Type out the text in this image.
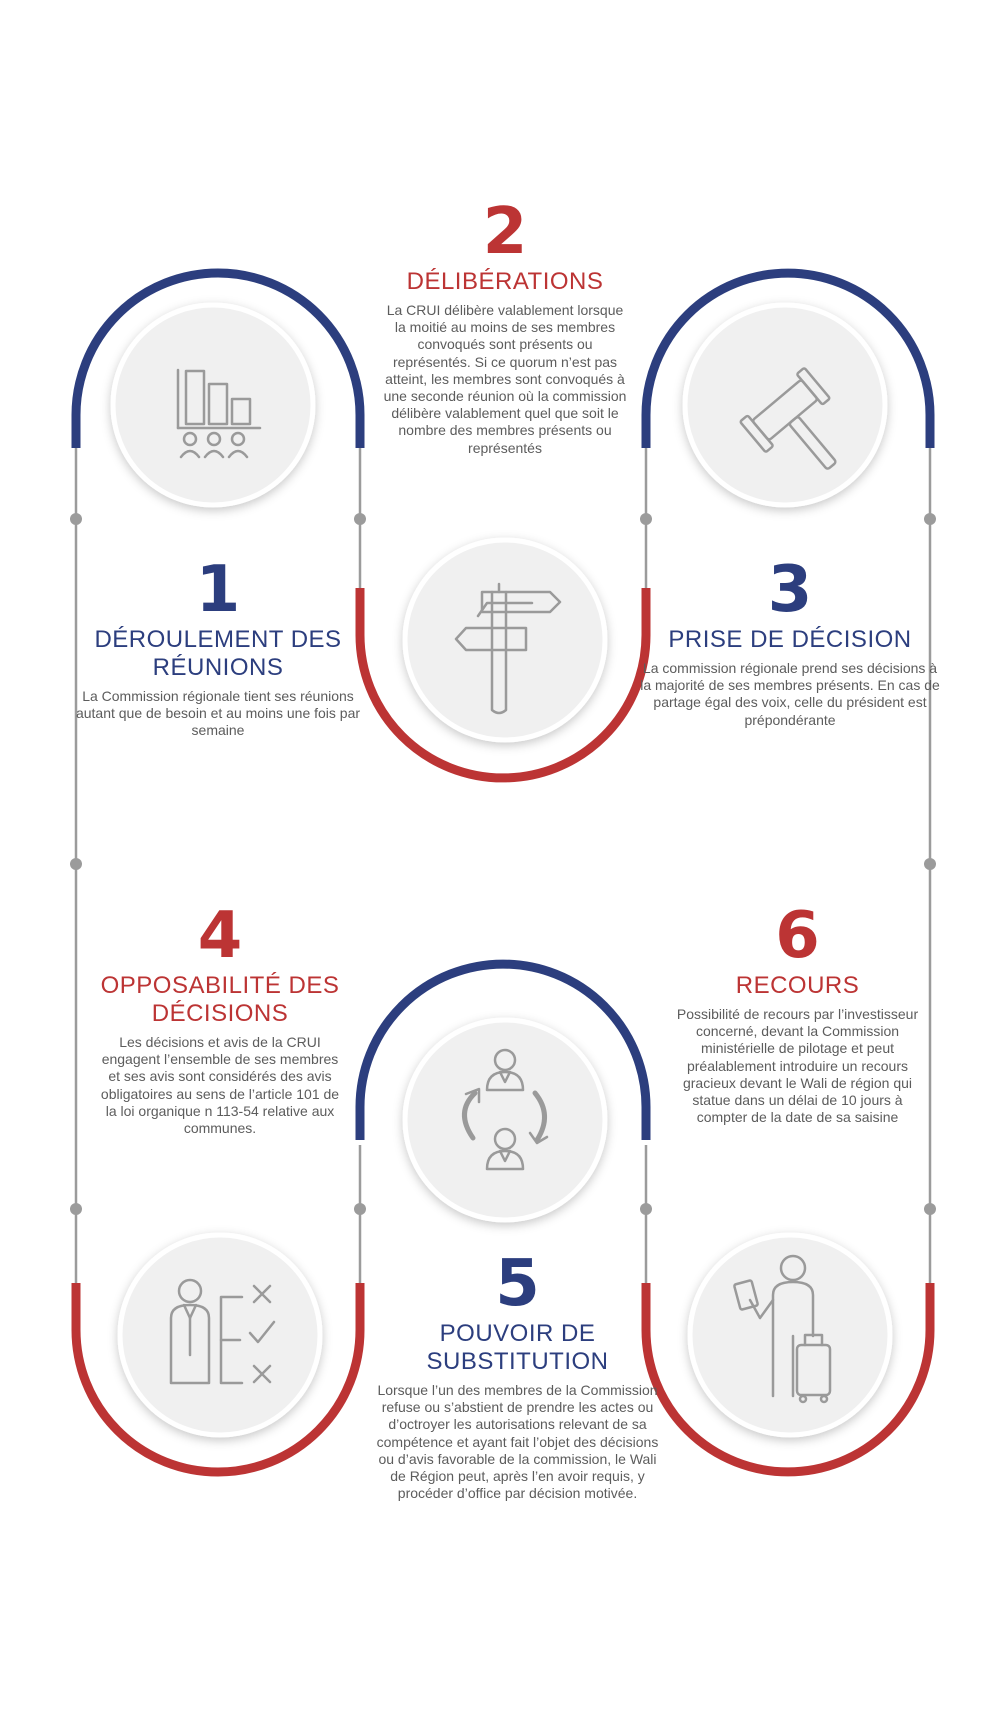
1
DÉROULEMENT DES RÉUNIONS
La Commission régionale tient ses réunions autant que de besoin et au moins une fois par semaine
2
DÉLIBÉRATIONS
La CRUI délibère valablement lorsque la moitié au moins de ses membres convoqués sont présents ou représentés. Si ce quorum n’est pas atteint, les membres sont convoqués à une seconde réunion où la commission délibère valablement quel que soit le nombre des membres présents ou représentés
3
PRISE DE DÉCISION
La commission régionale prend ses décisions à la majorité de ses membres présents. En cas de partage égal des voix, celle du président est prépondérante
4
OPPOSABILITÉ DES DÉCISIONS
Les décisions et avis de la CRUI engagent l’ensemble de ses membres et ses avis sont considérés des avis obligatoires au sens de l’article 101 de la loi organique n 113-54 relative aux communes.
5
POUVOIR DE SUBSTITUTION
Lorsque l’un des membres de la Commission refuse ou s’abstient de prendre les actes ou d’octroyer les autorisations relevant de sa compétence et ayant fait l’objet des décisions ou d’avis favorable de la commission, le Wali de Région peut, après l’en avoir requis, y procéder d’office par décision motivée.
6
RECOURS
Possibilité de recours par l’investisseur concerné, devant la Commission ministérielle de pilotage et peut préalablement introduire un recours gracieux devant le Wali de région qui statue dans un délai de 10 jours à compter de la date de sa saisine
